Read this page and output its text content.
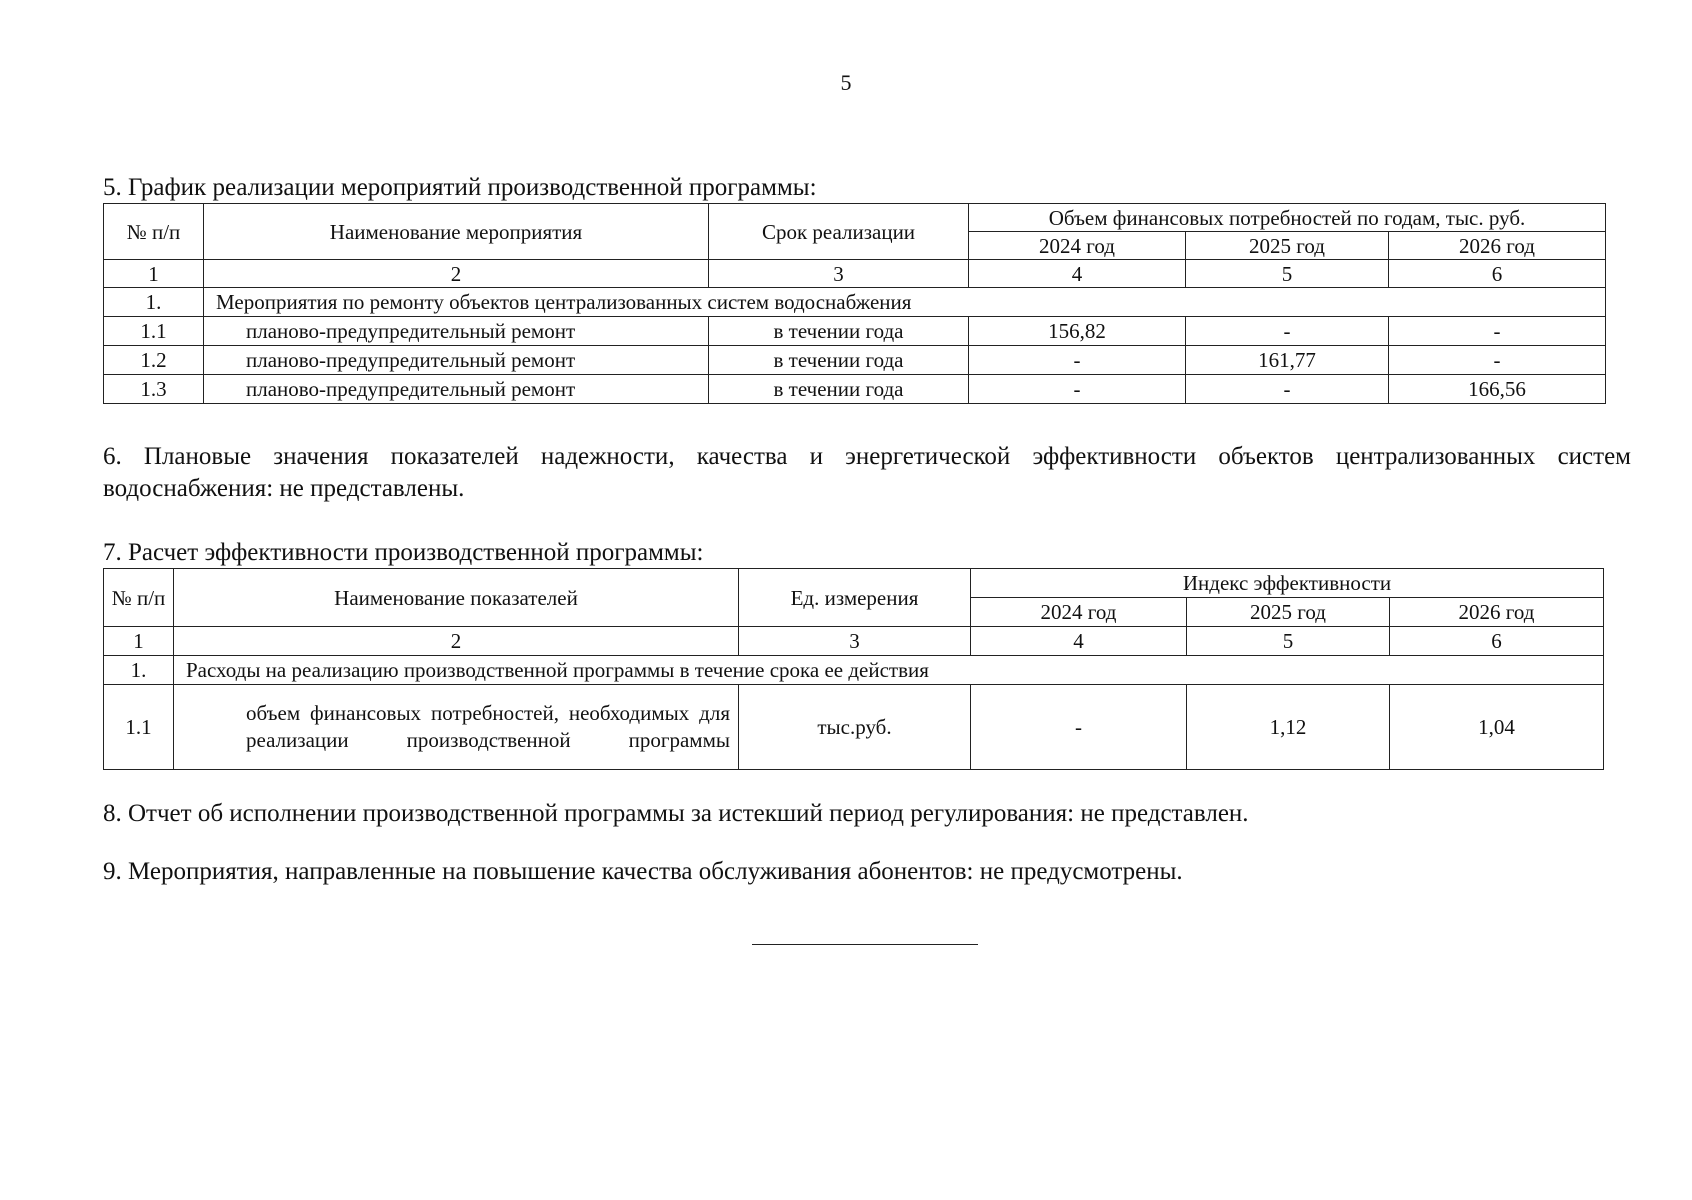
5
5. График реализации мероприятий производственной программы:
№ п/п	Наименование мероприятия	Срок реализации	Объем финансовых потребностей по годам, тыс. руб.		
			2024 год	2025 год	2026 год
1	2	3	4	5	6
1.	Мероприятия по ремонту объектов централизованных систем водоснабжения				
1.1	планово-предупредительный ремонт	в течении года	156,82	-	-
1.2	планово-предупредительный ремонт	в течении года	-	161,77	-
1.3	планово-предупредительный ремонт	в течении года	-	-	166,56
6. Плановые значения показателей надежности, качества и энергетической эффективности объектов централизованных систем водоснабжения: не представлены.
7. Расчет эффективности производственной программы:
№ п/п	Наименование показателей	Ед. измерения	Индекс эффективности		
			2024 год	2025 год	2026 год
1	2	3	4	5	6
1.	Расходы на реализацию производственной программы в течение срока ее действия				
1.1	объем финансовых потребностей, необходимых для реализации производственной программы	тыс.руб.	-	1,12	1,04
8. Отчет об исполнении производственной программы за истекший период регулирования: не представлен.
9. Мероприятия, направленные на повышение качества обслуживания абонентов: не предусмотрены.
